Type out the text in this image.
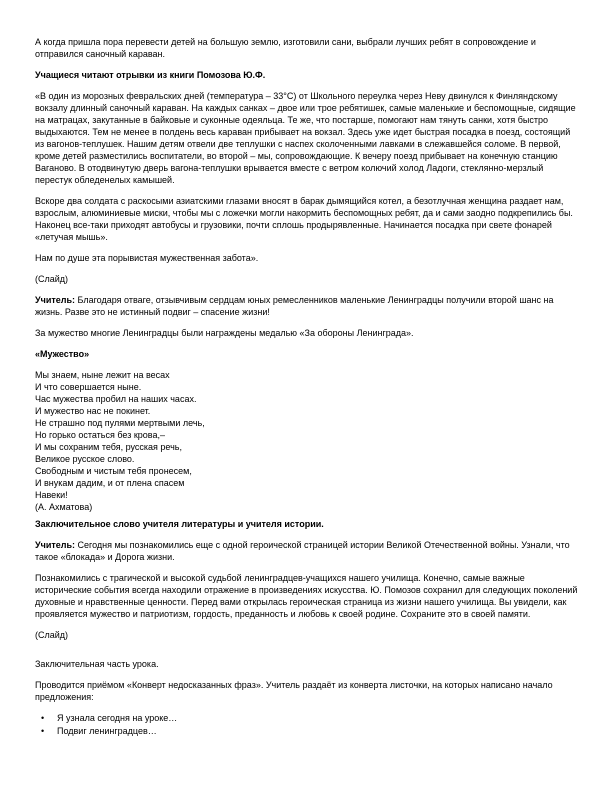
А когда пришла пора перевести детей на большую землю, изготовили сани, выбрали лучших ребят в сопровождение и отправился саночный караван.

Учащиеся читают отрывки из книги Помозова Ю.Ф.

«В один из морозных февральских дней (температура – 33°С) от Школьного переулка через Неву двинулся к Финляндскому вокзалу длинный саночный караван. На каждых санках – двое или трое ребятишек, самые маленькие и беспомощные, сидящие на матрацах, закутанные в байковые и суконные одеяльца. Те же, что постарше, помогают нам тянуть санки, хотя быстро выдыхаются. Тем не менее в полдень весь караван прибывает на вокзал. Здесь уже идет быстрая посадка в поезд, состоящий из вагонов-теплушек. Нашим детям отвели две теплушки с наспех сколоченными лавками в слежавшейся соломе. В первой, кроме детей разместились воспитатели, во второй – мы, сопровождающие. К вечеру поезд прибывает на конечную станцию Ваганово. В отодвинутую дверь вагона-теплушки врывается вместе с ветром колючий холод Ладоги, стеклянно-мерзлый перестук обледенелых камышей.

Вскоре два солдата с раскосыми азиатскими глазами вносят в барак дымящийся котел, а безотлучная женщина раздает нам, взрослым, алюминиевые миски, чтобы мы с ложечки могли накормить беспомощных ребят, да и сами заодно подкрепились бы. Наконец все-таки приходят автобусы и грузовики, почти сплошь продырявленные. Начинается посадка при свете фонарей «летучая мышь».

Нам по душе эта порывистая мужественная забота».

(Слайд)

Учитель: Благодаря отваге, отзывчивым сердцам юных ремесленников маленькие Ленинградцы получили второй шанс на жизнь. Разве это не истинный подвиг – спасение жизни!

За мужество многие Ленинградцы были награждены медалью «За обороны Ленинграда».

«Мужество»

Мы знаем, ныне лежит на весах
И что совершается ныне.
Час мужества пробил на наших часах.
И мужество нас не покинет.
Не страшно под пулями мертвыми лечь,
Но горько остаться без крова,–
И мы сохраним тебя, русская речь,
Великое русское слово.
Свободным и чистым тебя пронесем,
И внукам дадим, и от плена спасем
Навеки!
(А. Ахматова)

Заключительное слово учителя литературы и учителя истории.

Учитель: Сегодня мы познакомились еще с одной героической страницей истории Великой Отечественной войны. Узнали, что такое «блокада» и Дорога жизни.

Познакомились с трагической и высокой судьбой ленинградцев-учащихся нашего училища. Конечно, самые важные исторические события всегда находили отражение в произведениях искусства. Ю. Помозов сохранил для следующих поколений духовные и нравственные ценности. Перед вами открылась героическая страница из жизни нашего училища. Вы увидели, как проявляется мужество и патриотизм, гордость, преданность и любовь к своей родине. Сохраните это в своей памяти.

(Слайд)

Заключительная часть урока.

Проводится приёмом «Конверт недосказанных фраз». Учитель раздаёт из конверта листочки, на которых написано начало предложения:

• Я узнала сегодня на уроке…
• Подвиг ленинградцев…
